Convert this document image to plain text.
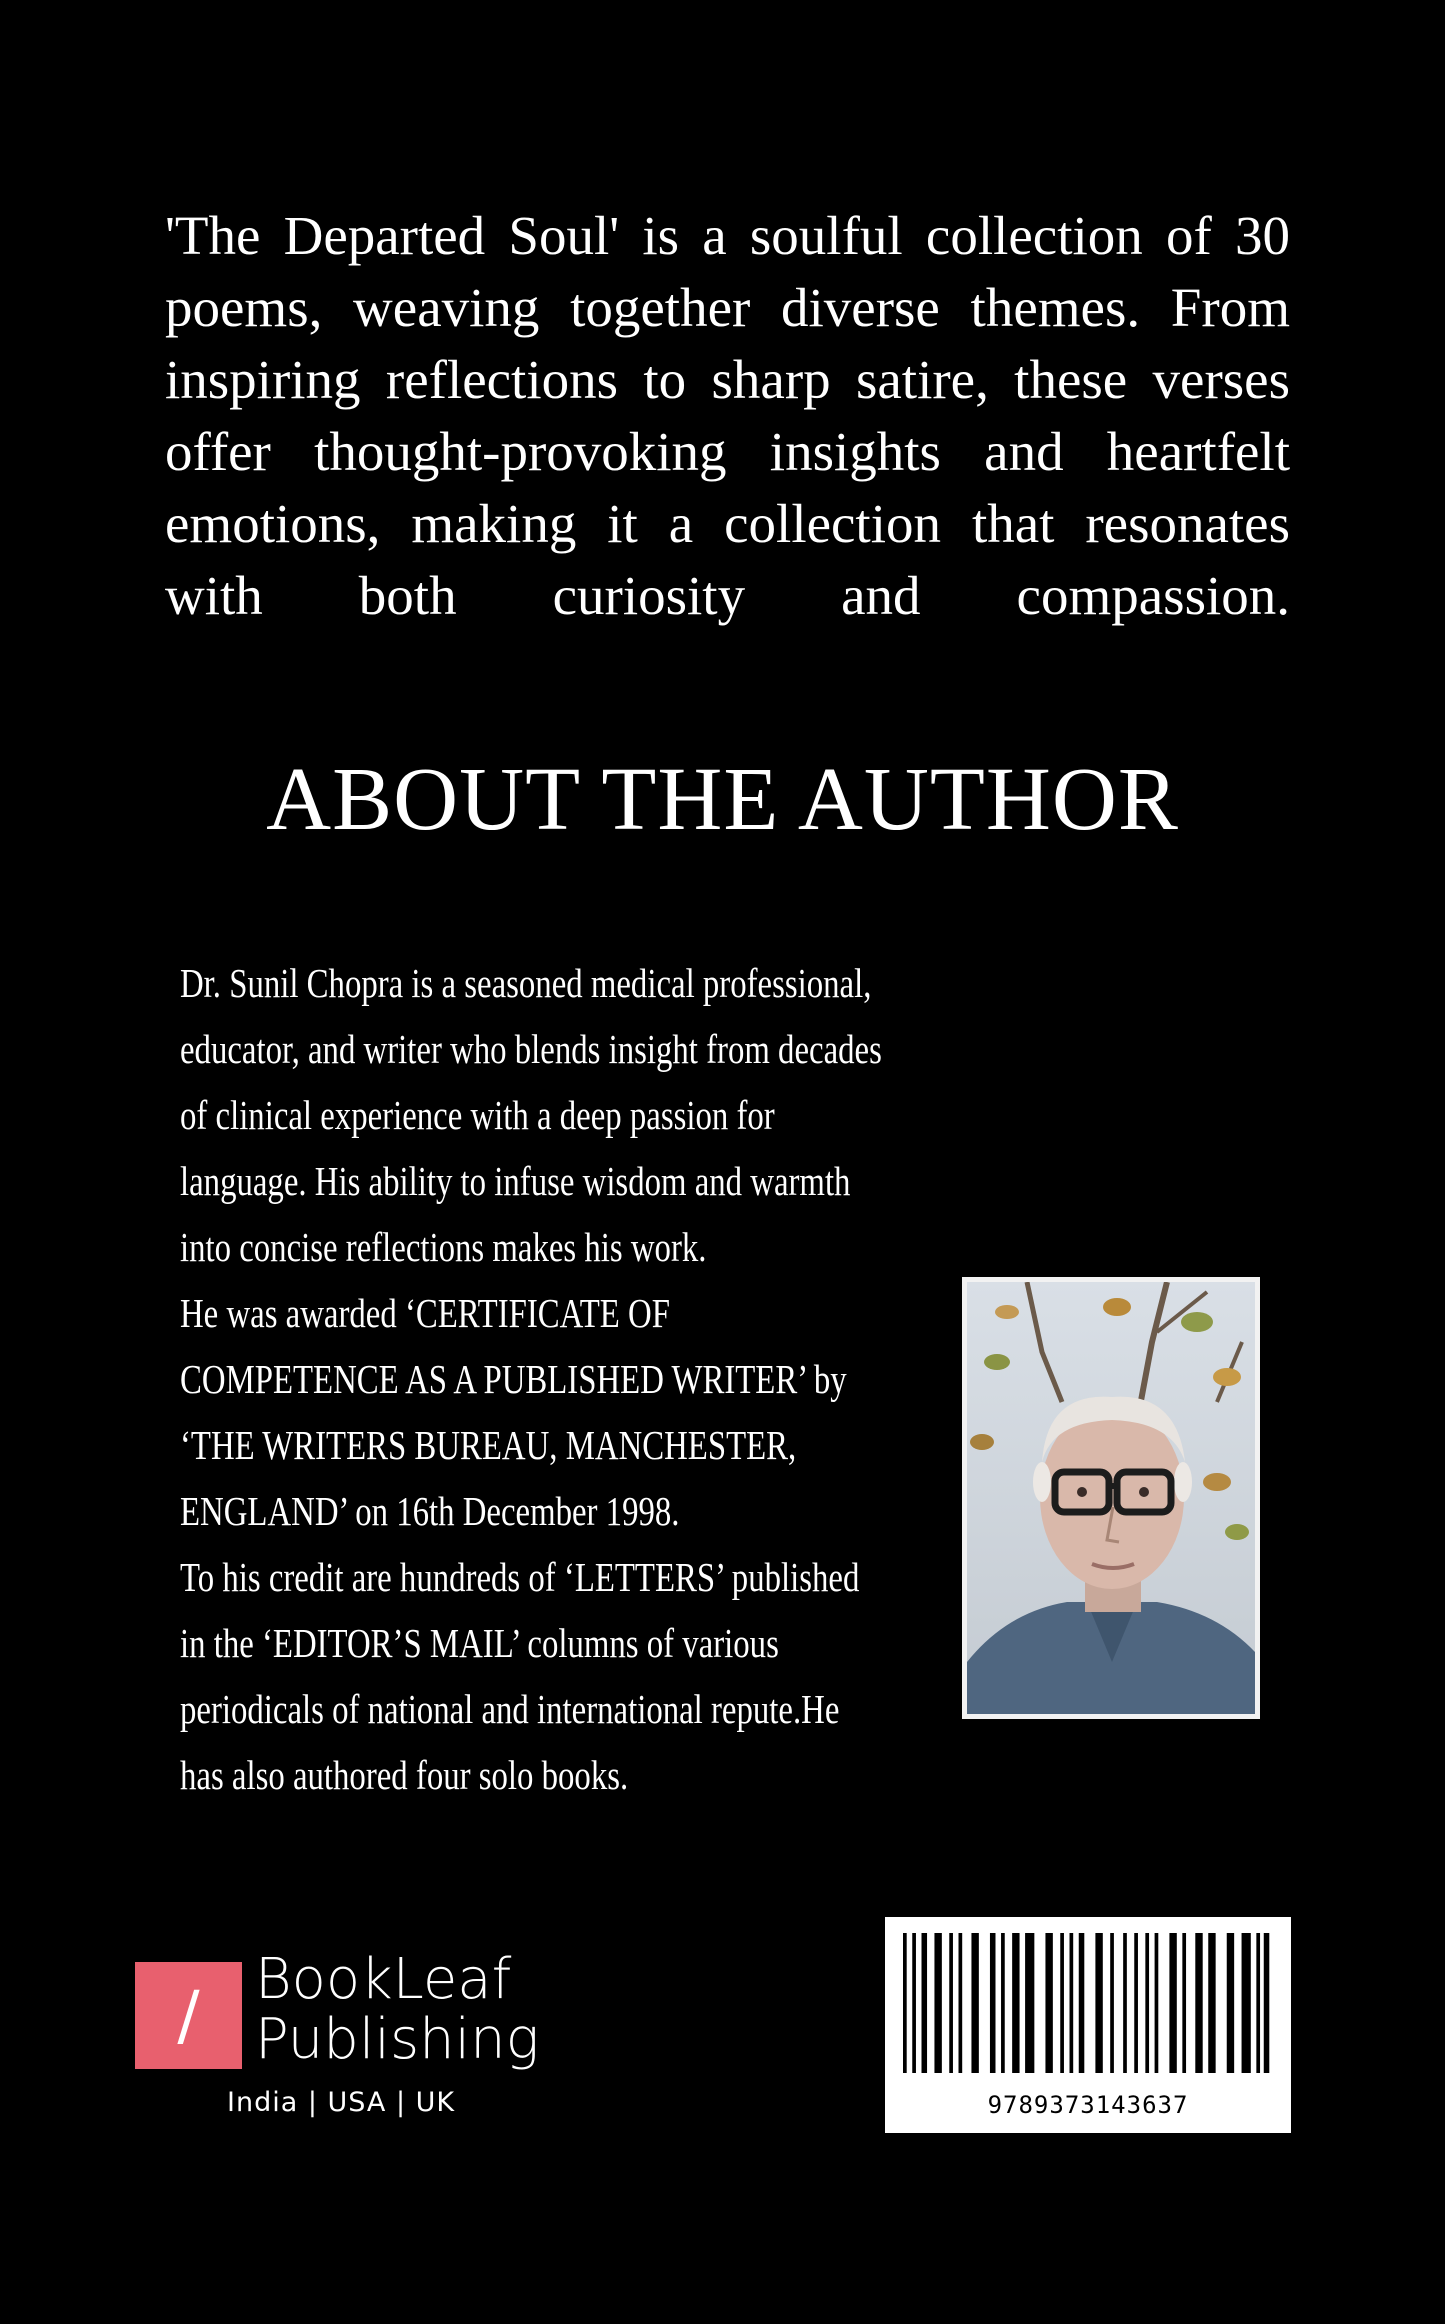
'The Departed Soul' is a soulful collection of 30 poems, weaving together diverse themes. From inspiring reflections to sharp satire, these verses offer thought-provoking insights and heartfelt emotions, making it a collection that resonates with both curiosity and compassion.

ABOUT THE AUTHOR
Dr. Sunil Chopra is a seasoned medical professional,
educator, and writer who blends insight from decades
of clinical experience with a deep passion for
language. His ability to infuse wisdom and warmth
into concise reflections makes his work.
He was awarded ‘CERTIFICATE OF
COMPETENCE AS A PUBLISHED WRITER’ by
‘THE WRITERS BUREAU, MANCHESTER,
ENGLAND’ on 16th December 1998.
To his credit are hundreds of ‘LETTERS’ published
in the ‘EDITOR’S MAIL’ columns of various
periodicals of national and international repute.He
has also authored four solo books.
/ BookLeaf
Publishing
India | USA | UK	9789373143637
